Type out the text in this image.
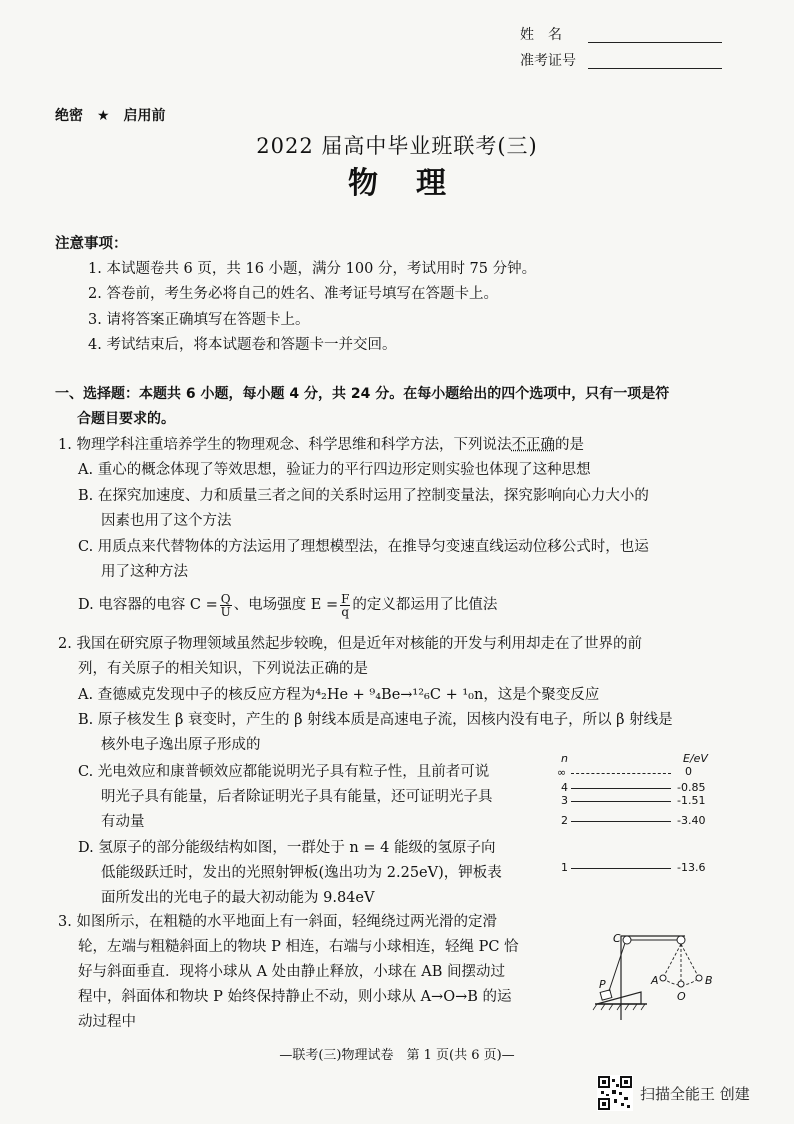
姓　名
准考证号
绝密　★　启用前
2022 届高中毕业班联考(三)
物理
注意事项：
1. 本试题卷共 6 页，共 16 小题，满分 100 分，考试用时 75 分钟。
2. 答卷前，考生务必将自己的姓名、准考证号填写在答题卡上。
3. 请将答案正确填写在答题卡上。
4. 考试结束后，将本试题卷和答题卡一并交回。
一、选择题：本题共 6 小题，每小题 4 分，共 24 分。在每小题给出的四个选项中，只有一项是符
合题目要求的。
1. 物理学科注重培养学生的物理观念、科学思维和科学方法，下列说法不正确的是
A. 重心的概念体现了等效思想，验证力的平行四边形定则实验也体现了这种思想
B. 在探究加速度、力和质量三者之间的关系时运用了控制变量法，探究影响向心力大小的
因素也用了这个方法
C. 用质点来代替物体的方法运用了理想模型法，在推导匀变速直线运动位移公式时，也运
用了这种方法
D. 电容器的电容 $C = \frac{Q}{U}$ 、电场强度 $E = \frac{F}{q}$ 的定义都运用了比值法
2. 我国在研究原子物理领域虽然起步较晚，但是近年对核能的开发与利用却走在了世界的前
列，有关原子的相关知识，下列说法正确的是
A. 查德威克发现中子的核反应方程为⁴₂He + ⁹₄Be→¹²₆C + ¹₀n，这是个聚变反应
B. 原子核发生 β 衰变时，产生的 β 射线本质是高速电子流，因核内没有电子，所以 β 射线是
核外电子逸出原子形成的
C. 光电效应和康普顿效应都能说明光子具有粒子性，且前者可说
明光子具有能量，后者除证明光子具有能量，还可证明光子具
有动量
D. 氢原子的部分能级结构如图，一群处于 n = 4 能级的氢原子向
低能级跃迁时，发出的光照射钾板(逸出功为 2.25eV)，钾板表
面所发出的光电子的最大初动能为 9.84eV
n	E/eV
∞	0
4	-0.85
3	-1.51
2	-3.40
1	-13.6
3. 如图所示，在粗糙的水平地面上有一斜面，轻绳绕过两光滑的定滑
轮，左端与粗糙斜面上的物块 P 相连，右端与小球相连，轻绳 PC 恰
好与斜面垂直．现将小球从 A 处由静止释放，小球在 AB 间摆动过
程中，斜面体和物块 P 始终保持静止不动，则小球从 A→O→B 的运
动过程中
C
P	A
O
B
—联考(三)物理试卷　第 1 页(共 6 页)—
扫描全能王 创建
